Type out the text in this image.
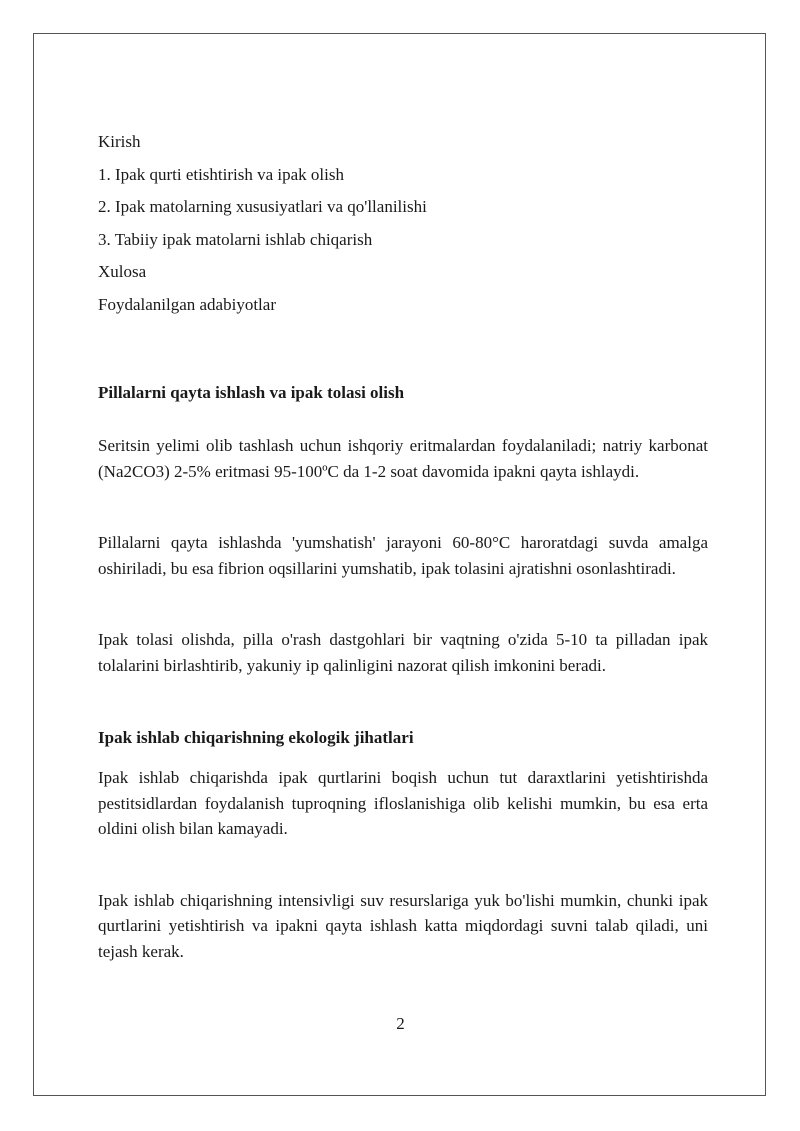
Kirish

1. Ipak qurti etishtirish va ipak olish

2. Ipak matolarning xususiyatlari va qo'llanilishi

3. Tabiiy ipak matolarni ishlab chiqarish

Xulosa

Foydalanilgan adabiyotlar

Pillalarni qayta ishlash va ipak tolasi olish

Seritsin yelimi olib tashlash uchun ishqoriy eritmalardan foydalaniladi; natriy karbonat (Na2CO3) 2-5% eritmasi 95-100ºC da 1-2 soat davomida ipakni qayta ishlaydi.

Pillalarni qayta ishlashda 'yumshatish' jarayoni 60-80°C haroratdagi suvda amalga oshiriladi, bu esa fibrion oqsillarini yumshatib, ipak tolasini ajratishni osonlashtiradi.

Ipak tolasi olishda, pilla o'rash dastgohlari bir vaqtning o'zida 5-10 ta pilladan ipak tolalarini birlashtirib, yakuniy ip qalinligini nazorat qilish imkonini beradi.

Ipak ishlab chiqarishning ekologik jihatlari

Ipak ishlab chiqarishda ipak qurtlarini boqish uchun tut daraxtlarini yetishtirishda pestitsidlardan foydalanish tuproqning ifloslanishiga olib kelishi mumkin, bu esa erta oldini olish bilan kamayadi.

Ipak ishlab chiqarishning intensivligi suv resurslariga yuk bo'lishi mumkin, chunki ipak qurtlarini yetishtirish va ipakni qayta ishlash katta miqdordagi suvni talab qiladi, uni tejash kerak.

2
